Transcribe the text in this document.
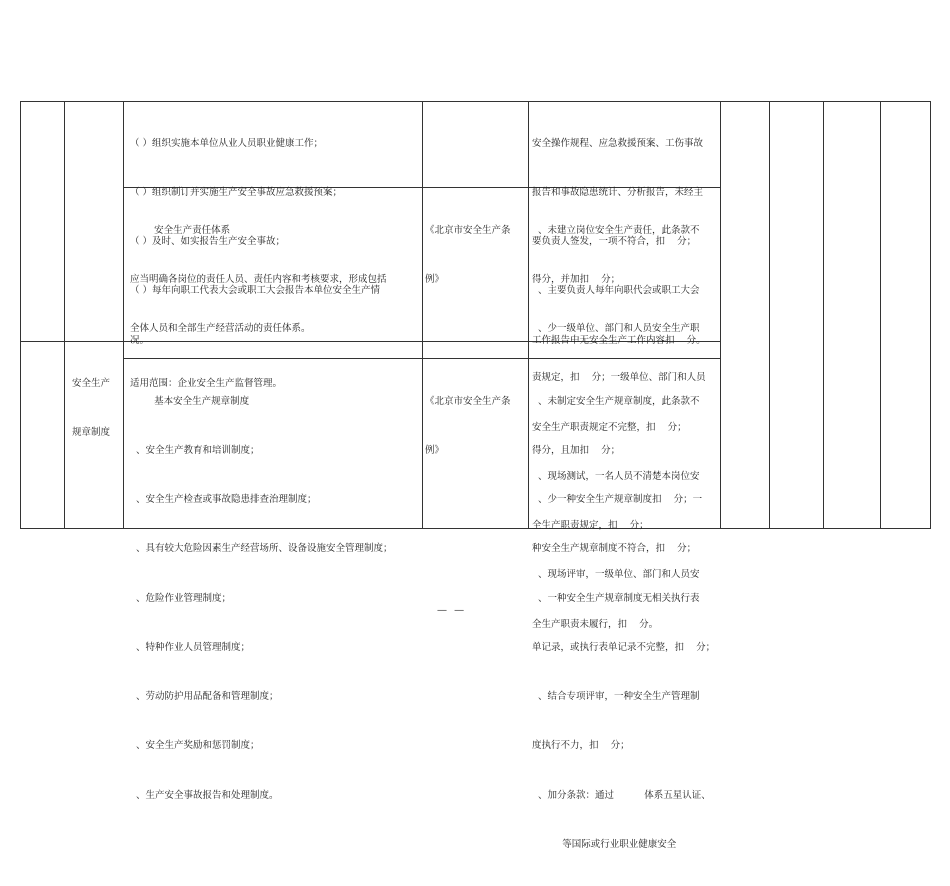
（ ）组织实施本单位从业人员职业健康工作；

（ ）组织制订并实施生产安全事故应急救援预案；

（ ）及时、如实报告生产安全事故；

（ ）每年向职工代表大会或职工大会报告本单位安全生产情

况。

安全操作规程、应急救援预案、工伤事故

报告和事故隐患统计、分析报告，未经主

要负责人签发，一项不符合，扣    分；

、主要负责人每年向职代会或职工大会

工作报告中无安全生产工作内容扣    分。

安全生产责任体系

应当明确各岗位的责任人员、责任内容和考核要求，形成包括

全体人员和全部生产经营活动的责任体系。

《北京市安全生产条

例》

、未建立岗位安全生产责任，此条款不

得分，并加扣    分；

、少一级单位、部门和人员安全生产职

责规定，扣    分；一级单位、部门和人员

安全生产职责规定不完整，扣    分；

、现场测试，一名人员不清楚本岗位安

全生产职责规定，扣    分；

、现场评审，一级单位、部门和人员安

全生产职责未履行，扣    分。

安全生产

规章制度

适用范围：企业安全生产监督管理。

基本安全生产规章制度

、安全生产教育和培训制度；

、安全生产检查或事故隐患排查治理制度；

、具有较大危险因素生产经营场所、设备设施安全管理制度；

、危险作业管理制度；

、特种作业人员管理制度；

、劳动防护用品配备和管理制度；

、安全生产奖励和惩罚制度；

、生产安全事故报告和处理制度。

《北京市安全生产条

例》

、未制定安全生产规章制度，此条款不

得分，且加扣    分；

、少一种安全生产规章制度扣    分；一

种安全生产规章制度不符合，扣    分；

、一种安全生产规章制度无相关执行表

单记录，或执行表单记录不完整，扣    分；

、结合专项评审，一种安全生产管理制

度执行不力，扣    分；

、加分条款：通过          体系五星认证、

等国际或行业职业健康安全

— —
